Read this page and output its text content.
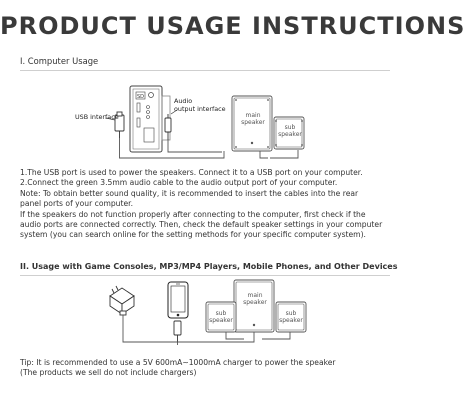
PRODUCT USAGE INSTRUCTIONS
I. Computer Usage
SD
USB interface
Audio
output interface
main
speaker
sub
speaker
1.The USB port is used to power the speakers. Connect it to a USB port on your computer.
2.Connect the green 3.5mm audio cable to the audio output port of your computer.
Note: To obtain better sound quality, it is recommended to insert the cables into the rear
panel ports of your computer.
If the speakers do not function properly after connecting to the computer, first check if the
audio ports are connected correctly. Then, check the default speaker settings in your computer
system (you can search online for the setting methods for your specific computer system).
II. Usage with Game Consoles, MP3/MP4 Players, Mobile Phones, and Other Devices
main
speaker
sub
speaker
sub
speaker
Tip: It is recommended to use a 5V 600mA~1000mA charger to power the speaker
(The products we sell do not include chargers)
